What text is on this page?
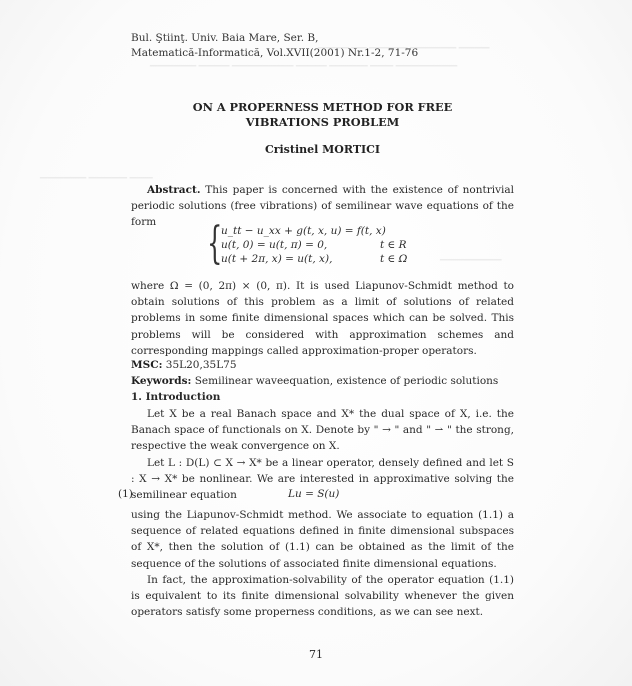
▁▁▁▁ ▁▁ ▁▁▁▁▁ ▁▁▁▁▁▁ ▁▁▁▁
▁▁▁▁▁▁ ▁▁▁▁ ▁▁▁▁▁▁▁▁ ▁▁▁▁ ▁▁▁▁▁ ▁▁▁ ▁▁▁▁▁▁▁▁
▁▁▁▁▁▁▁▁
▁▁▁▁▁▁ ▁▁▁▁▁ ▁▁▁
Bul. Ştiinţ. Univ. Baia Mare, Ser. B,
Matematică-Informatică, Vol.XVII(2001) Nr.1-2, 71-76
ON A PROPERNESS METHOD FOR FREE
VIBRATIONS PROBLEM
Cristinel MORTICI

Abstract. This paper is concerned with the existence of nontrivial periodic solutions (free vibrations) of semilinear wave equations of the form	{
u_tt − u_xx + g(t, x, u) = f(t, x)
u(t, 0) = u(t, π) = 0,
u(t + 2π, x) = u(t, x),
t ∈ R
t ∈ Ω

where Ω = (0, 2π) × (0, π). It is used Liapunov-Schmidt method to obtain solutions of this problem as a limit of solutions of related problems in some finite dimensional spaces which can be solved. This problems will be considered with approximation schemes and corresponding mappings called approximation-proper operators.

MSC: 35L20,35L75
Keywords: Semilinear waveequation, existence of periodic solutions
1. Introduction

Let X be a real Banach space and X* the dual space of X, i.e. the Banach space of functionals on X. Denote by " → " and " ⇀ " the strong, respective the weak convergence on X.

Let L : D(L) ⊂ X → X* be a linear operator, densely defined and let S : X → X* be nonlinear. We are interested in approximative solving the semilinear equation

(1)	Lu = S(u)

using the Liapunov-Schmidt method. We associate to equation (1.1) a sequence of related equations defined in finite dimensional subspaces of X*, then the solution of (1.1) can be obtained as the limit of the sequence of the solutions of associated finite dimensional equations.

In fact, the approximation-solvability of the operator equation (1.1) is equivalent to its finite dimensional solvability whenever the given operators satisfy some properness conditions, as we can see next.

71
